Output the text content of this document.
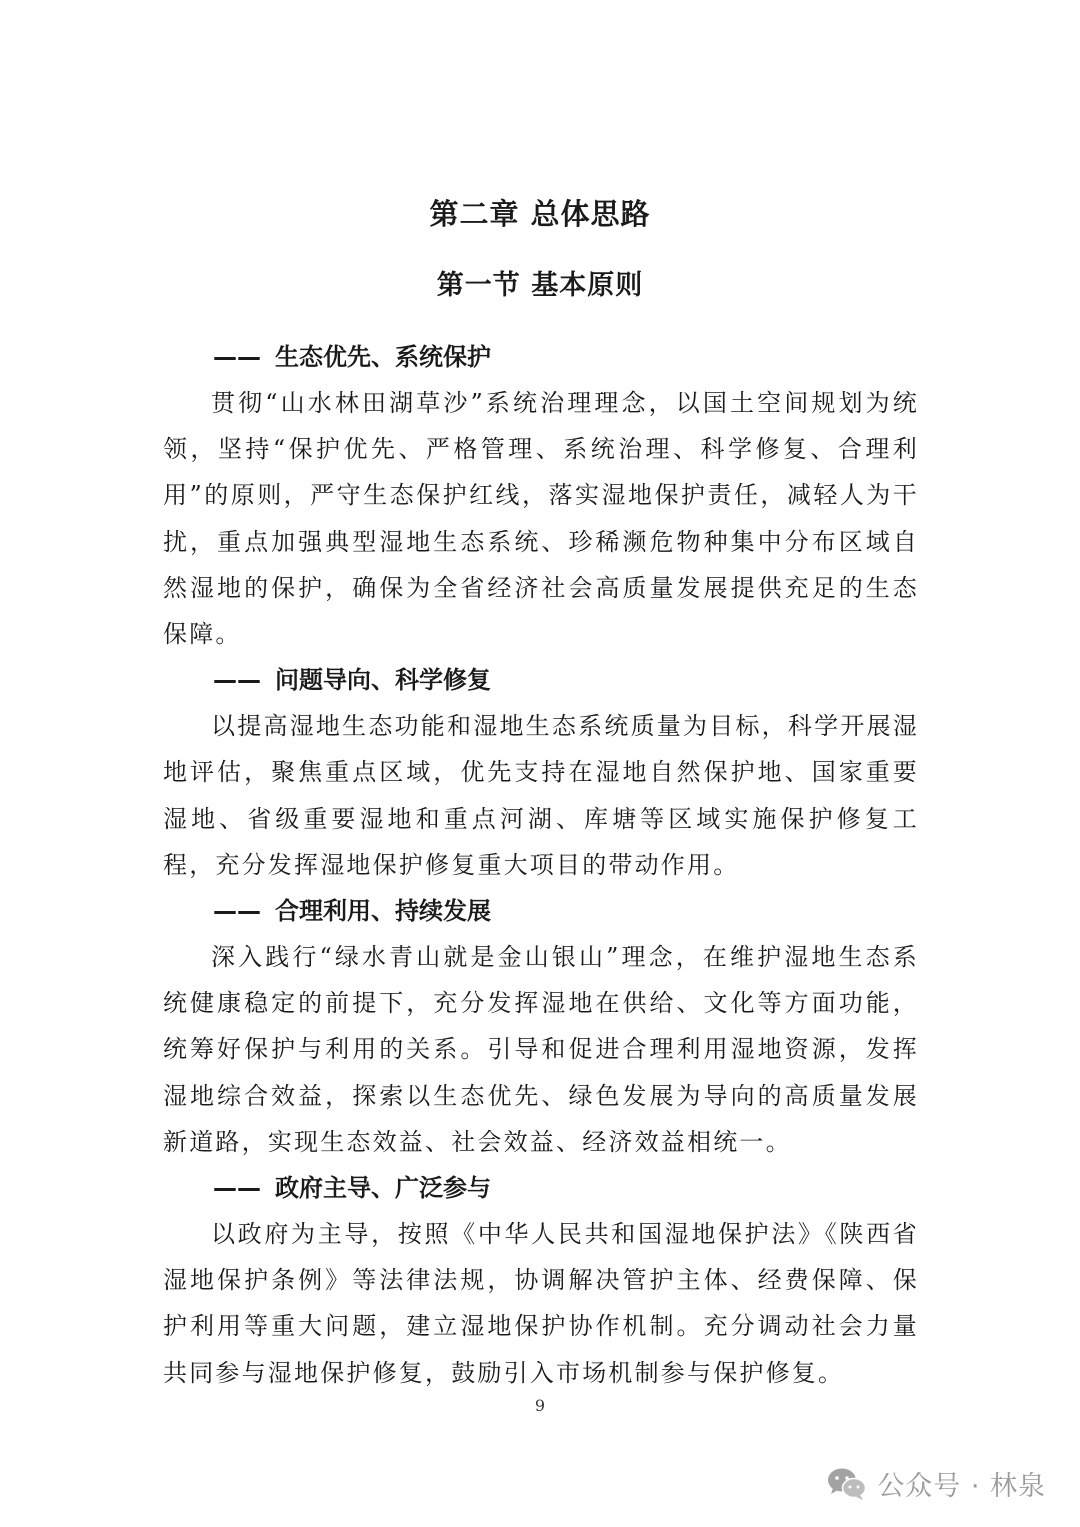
第二章 总体思路
第一节 基本原则
—— 生态优先、系统保护

贯彻“山水林田湖草沙”系统治理理念，以国土空间规划为统领，坚持“保护优先、严格管理、系统治理、科学修复、合理利用”的原则，严守生态保护红线，落实湿地保护责任，减轻人为干扰，重点加强典型湿地生态系统、珍稀濒危物种集中分布区域自然湿地的保护，确保为全省经济社会高质量发展提供充足的生态保障。

—— 问题导向、科学修复

以提高湿地生态功能和湿地生态系统质量为目标，科学开展湿地评估，聚焦重点区域，优先支持在湿地自然保护地、国家重要湿地、省级重要湿地和重点河湖、库塘等区域实施保护修复工程，充分发挥湿地保护修复重大项目的带动作用。

—— 合理利用、持续发展

深入践行“绿水青山就是金山银山”理念，在维护湿地生态系统健康稳定的前提下，充分发挥湿地在供给、文化等方面功能，统筹好保护与利用的关系。引导和促进合理利用湿地资源，发挥湿地综合效益，探索以生态优先、绿色发展为导向的高质量发展新道路，实现生态效益、社会效益、经济效益相统一。

—— 政府主导、广泛参与

以政府为主导，按照《中华人民共和国湿地保护法》《陕西省湿地保护条例》等法律法规，协调解决管护主体、经费保障、保护利用等重大问题，建立湿地保护协作机制。充分调动社会力量共同参与湿地保护修复，鼓励引入市场机制参与保护修复。

9
公众号 · 林泉
